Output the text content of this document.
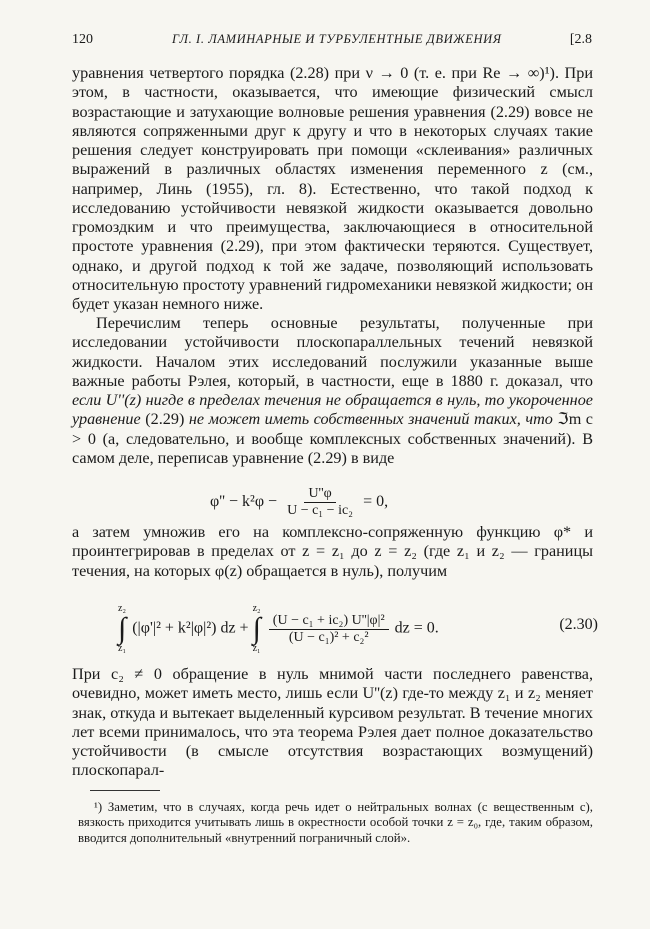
120	ГЛ. I. ЛАМИНАРНЫЕ И ТУРБУЛЕНТНЫЕ ДВИЖЕНИЯ	[2.8

уравнения четвертого порядка (2.28) при ν → 0 (т. е. при Re → ∞)¹). При этом, в частности, оказывается, что имеющие физический смысл возрастающие и затухающие волновые решения уравнения (2.29) вовсе не являются сопряженными друг к другу и что в некоторых случаях такие решения следует конструировать при помощи «склеивания» различных выражений в различных областях изменения переменного z (см., например, Линь (1955), гл. 8). Естественно, что такой подход к исследованию устойчивости невязкой жидкости оказывается довольно громоздким и что преимущества, заключающиеся в относительной простоте уравнения (2.29), при этом фактически теряются. Существует, однако, и другой подход к той же задаче, позволяющий использовать относительную простоту уравнений гидромеханики невязкой жидкости; он будет указан немного ниже.

Перечислим теперь основные результаты, полученные при исследовании устойчивости плоскопараллельных течений невязкой жидкости. Началом этих исследований послужили указанные выше важные работы Рэлея, который, в частности, еще в 1880 г. доказал, что если U''(z) нигде в пределах течения не обращается в нуль, то укороченное уравнение (2.29) не может иметь собственных значений таких, что ℑm c > 0 (а, следовательно, и вообще комплексных собственных значений). В самом деле, переписав уравнение (2.29) в виде

$\varphi'' - k^2\varphi - \frac{U''\varphi}{\text{U − c₁ − ic₂}} = 0$,

а затем умножив его на комплексно-сопряженную функцию φ* и проинтегрировав в пределах от z = z₁ до z = z₂ (где z₁ и z₂ — границы течения, на которых φ(z) обращается в нуль), получим

z₂
∫
z₁
(|φ'|² + k²|φ|²) dz +
z₂
∫
z₁

$\frac{\text{(U − c₁ + ic₂) U''|φ|²}}{\text{(U − c₁)² + c₂²}}$ dz = 0.	(2.30)

При c₂ ≠ 0 обращение в нуль мнимой части последнего равенства, очевидно, может иметь место, лишь если U''(z) где-то между z₁ и z₂ меняет знак, откуда и вытекает выделенный курсивом результат. В течение многих лет всеми принималось, что эта теорема Рэлея дает полное доказательство устойчивости (в смысле отсутствия возрастающих возмущений) плоскопарал-

¹) Заметим, что в случаях, когда речь идет о нейтральных волнах (с вещественным c), вязкость приходится учитывать лишь в окрестности особой точки z = z₀, где, таким образом, вводится дополнительный «внутренний пограничный слой».
